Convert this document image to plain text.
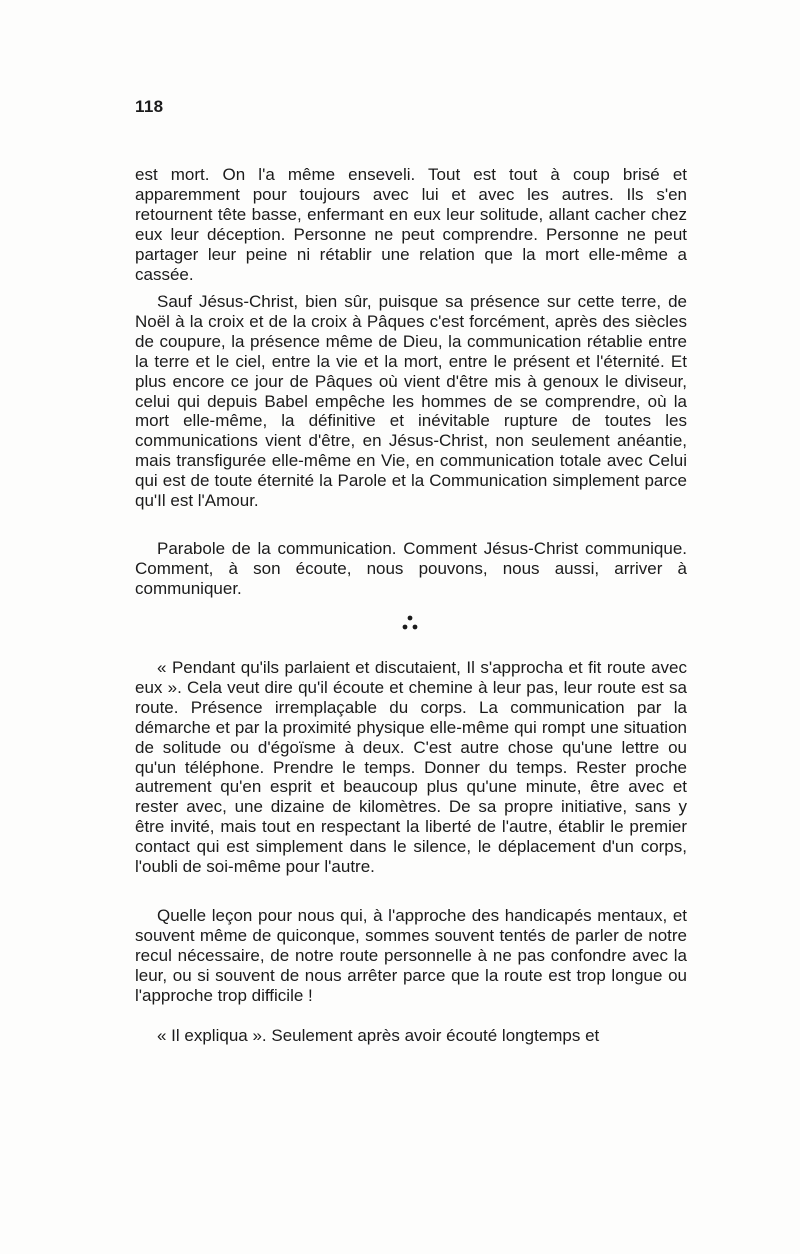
118

est mort. On l'a même enseveli. Tout est tout à coup brisé et apparemment pour toujours avec lui et avec les autres. Ils s'en retournent tête basse, enfermant en eux leur solitude, allant cacher chez eux leur déception. Personne ne peut comprendre. Personne ne peut partager leur peine ni rétablir une relation que la mort elle-même a cassée.

Sauf Jésus-Christ, bien sûr, puisque sa présence sur cette terre, de Noël à la croix et de la croix à Pâques c'est forcément, après des siècles de coupure, la présence même de Dieu, la communication rétablie entre la terre et le ciel, entre la vie et la mort, entre le présent et l'éternité. Et plus encore ce jour de Pâques où vient d'être mis à genoux le diviseur, celui qui depuis Babel empêche les hommes de se comprendre, où la mort elle-même, la définitive et inévitable rupture de toutes les communications vient d'être, en Jésus-Christ, non seulement anéantie, mais transfigurée elle-même en Vie, en communication totale avec Celui qui est de toute éternité la Parole et la Communication simplement parce qu'Il est l'Amour.

Parabole de la communication. Comment Jésus-Christ communique. Comment, à son écoute, nous pouvons, nous aussi, arriver à communiquer.

« Pendant qu'ils parlaient et discutaient, Il s'approcha et fit route avec eux ». Cela veut dire qu'il écoute et chemine à leur pas, leur route est sa route. Présence irremplaçable du corps. La communication par la démarche et par la proximité physique elle-même qui rompt une situation de solitude ou d'égoïsme à deux. C'est autre chose qu'une lettre ou qu'un téléphone. Prendre le temps. Donner du temps. Rester proche autrement qu'en esprit et beaucoup plus qu'une minute, être avec et rester avec, une dizaine de kilomètres. De sa propre initiative, sans y être invité, mais tout en respectant la liberté de l'autre, établir le premier contact qui est simplement dans le silence, le déplacement d'un corps, l'oubli de soi-même pour l'autre.

Quelle leçon pour nous qui, à l'approche des handicapés mentaux, et souvent même de quiconque, sommes souvent tentés de parler de notre recul nécessaire, de notre route personnelle à ne pas confondre avec la leur, ou si souvent de nous arrêter parce que la route est trop longue ou l'approche trop difficile !

« Il expliqua ». Seulement après avoir écouté longtemps et
